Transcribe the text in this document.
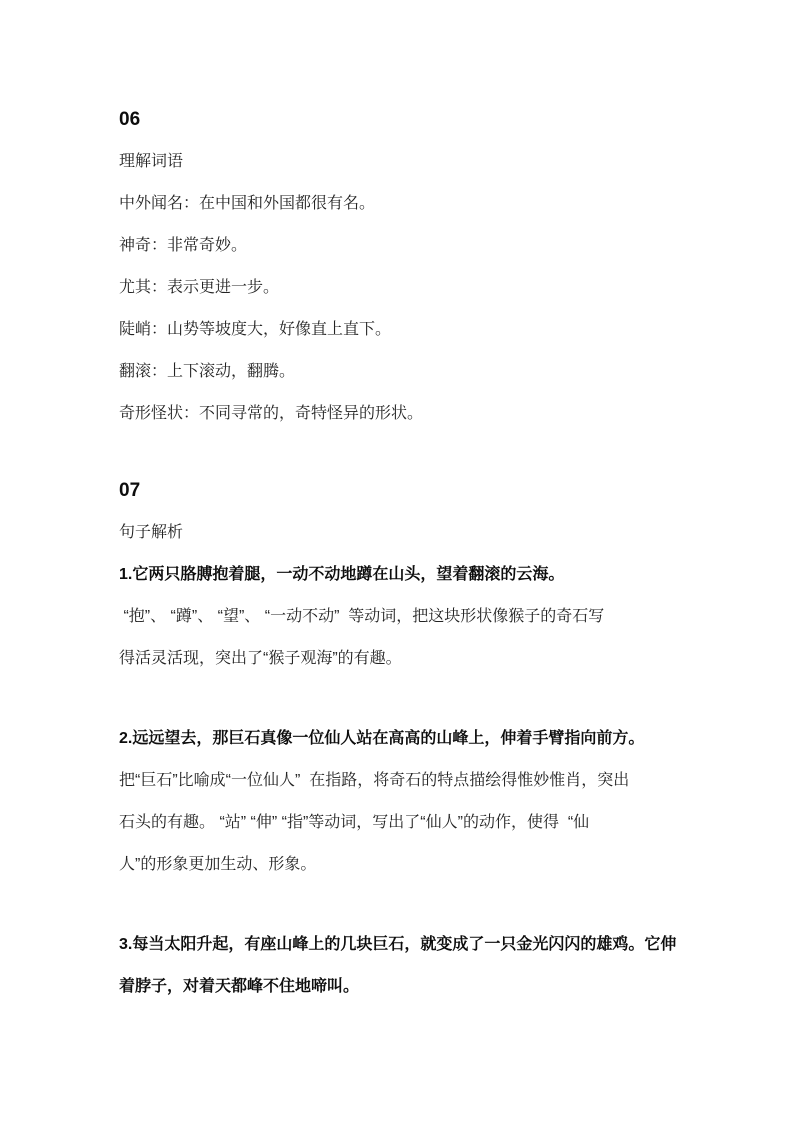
06
理解词语
中外闻名：在中国和外国都很有名。
神奇：非常奇妙。
尤其：表示更进一步。
陡峭：山势等坡度大，好像直上直下。
翻滚：上下滚动，翻腾。
奇形怪状：不同寻常的，奇特怪异的形状。
07
句子解析
1.它两只胳膊抱着腿，一动不动地蹲在山头，望着翻滚的云海。
“抱”、 “蹲”、 “望”、 “一动不动”  等动词，把这块形状像猴子的奇石写
得活灵活现，突出了“猴子观海”的有趣。
2.远远望去，那巨石真像一位仙人站在高高的山峰上，伸着手臂指向前方。
把“巨石”比喻成“一位仙人”  在指路，将奇石的特点描绘得惟妙惟肖，突出
石头的有趣。 “站” “伸” “指”等动词，写出了“仙人”的动作，使得  “仙
人”的形象更加生动、形象。
3.每当太阳升起，有座山峰上的几块巨石，就变成了一只金光闪闪的雄鸡。它伸
着脖子，对着天都峰不住地啼叫。
